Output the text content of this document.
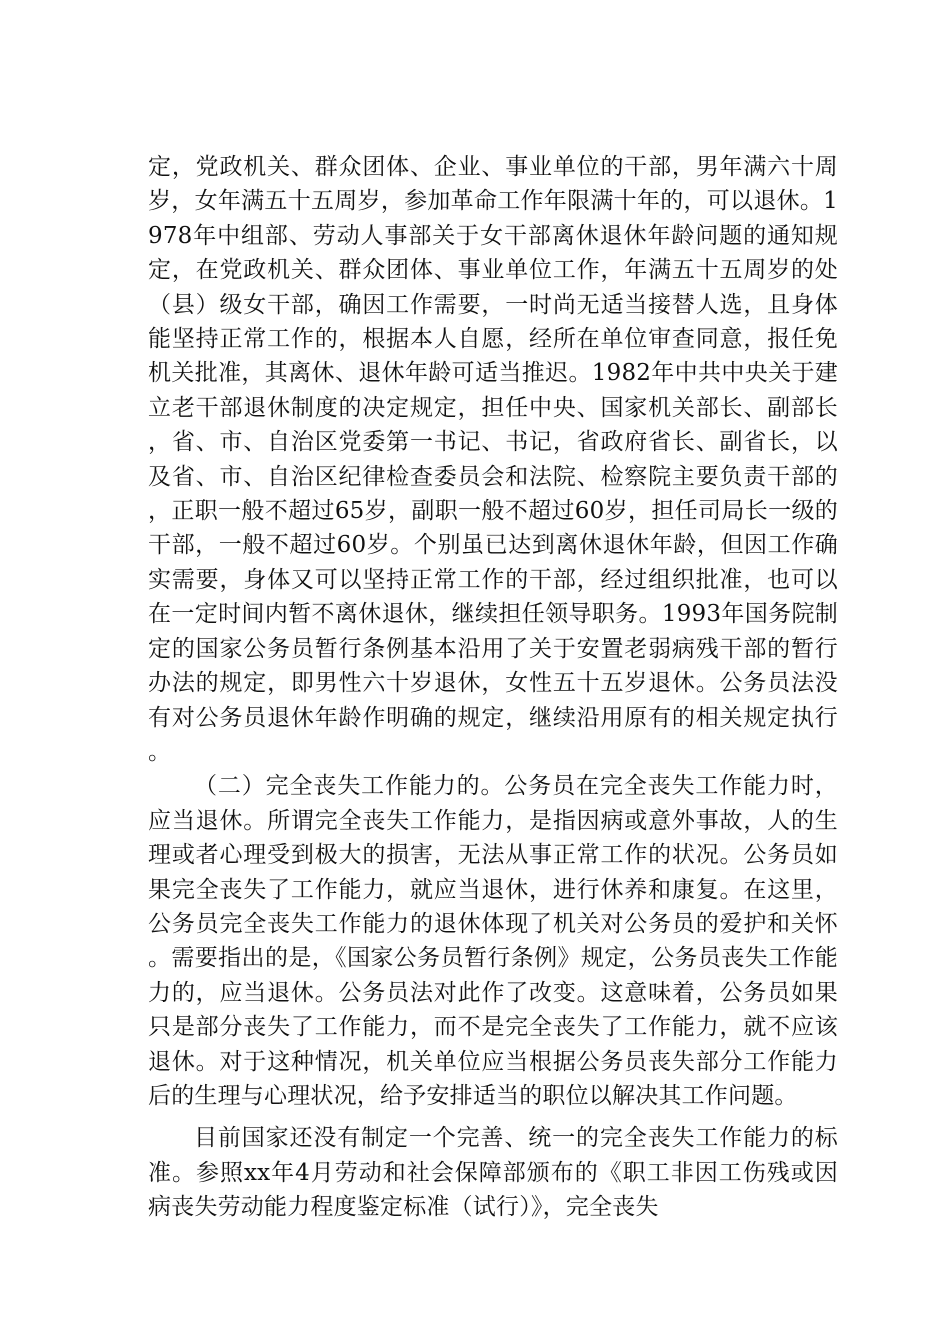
定，党政机关、群众团体、企业、事业单位的干部，男年满六十周岁，女年满五十五周岁，参加革命工作年限满十年的，可以退休。1978年中组部、劳动人事部关于女干部离休退休年龄问题的通知规定，在党政机关、群众团体、事业单位工作，年满五十五周岁的处（县）级女干部，确因工作需要，一时尚无适当接替人选，且身体能坚持正常工作的，根据本人自愿，经所在单位审查同意，报任免机关批准，其离休、退休年龄可适当推迟。1982年中共中央关于建立老干部退休制度的决定规定，担任中央、国家机关部长、副部长，省、市、自治区党委第一书记、书记，省政府省长、副省长，以及省、市、自治区纪律检查委员会和法院、检察院主要负责干部的，正职一般不超过65岁，副职一般不超过60岁，担任司局长一级的干部，一般不超过60岁。个别虽已达到离休退休年龄，但因工作确实需要，身体又可以坚持正常工作的干部，经过组织批准，也可以在一定时间内暂不离休退休，继续担任领导职务。1993年国务院制定的国家公务员暂行条例基本沿用了关于安置老弱病残干部的暂行办法的规定，即男性六十岁退休，女性五十五岁退休。公务员法没有对公务员退休年龄作明确的规定，继续沿用原有的相关规定执行。

（二）完全丧失工作能力的。公务员在完全丧失工作能力时，应当退休。所谓完全丧失工作能力，是指因病或意外事故，人的生理或者心理受到极大的损害，无法从事正常工作的状况。公务员如果完全丧失了工作能力，就应当退休，进行休养和康复。在这里，公务员完全丧失工作能力的退休体现了机关对公务员的爱护和关怀。需要指出的是，《国家公务员暂行条例》规定，公务员丧失工作能力的，应当退休。公务员法对此作了改变。这意味着，公务员如果只是部分丧失了工作能力，而不是完全丧失了工作能力，就不应该退休。对于这种情况，机关单位应当根据公务员丧失部分工作能力后的生理与心理状况，给予安排适当的职位以解决其工作问题。

目前国家还没有制定一个完善、统一的完全丧失工作能力的标准。参照xx年4月劳动和社会保障部颁布的《职工非因工伤残或因病丧失劳动能力程度鉴定标准（试行）》，完全丧失
